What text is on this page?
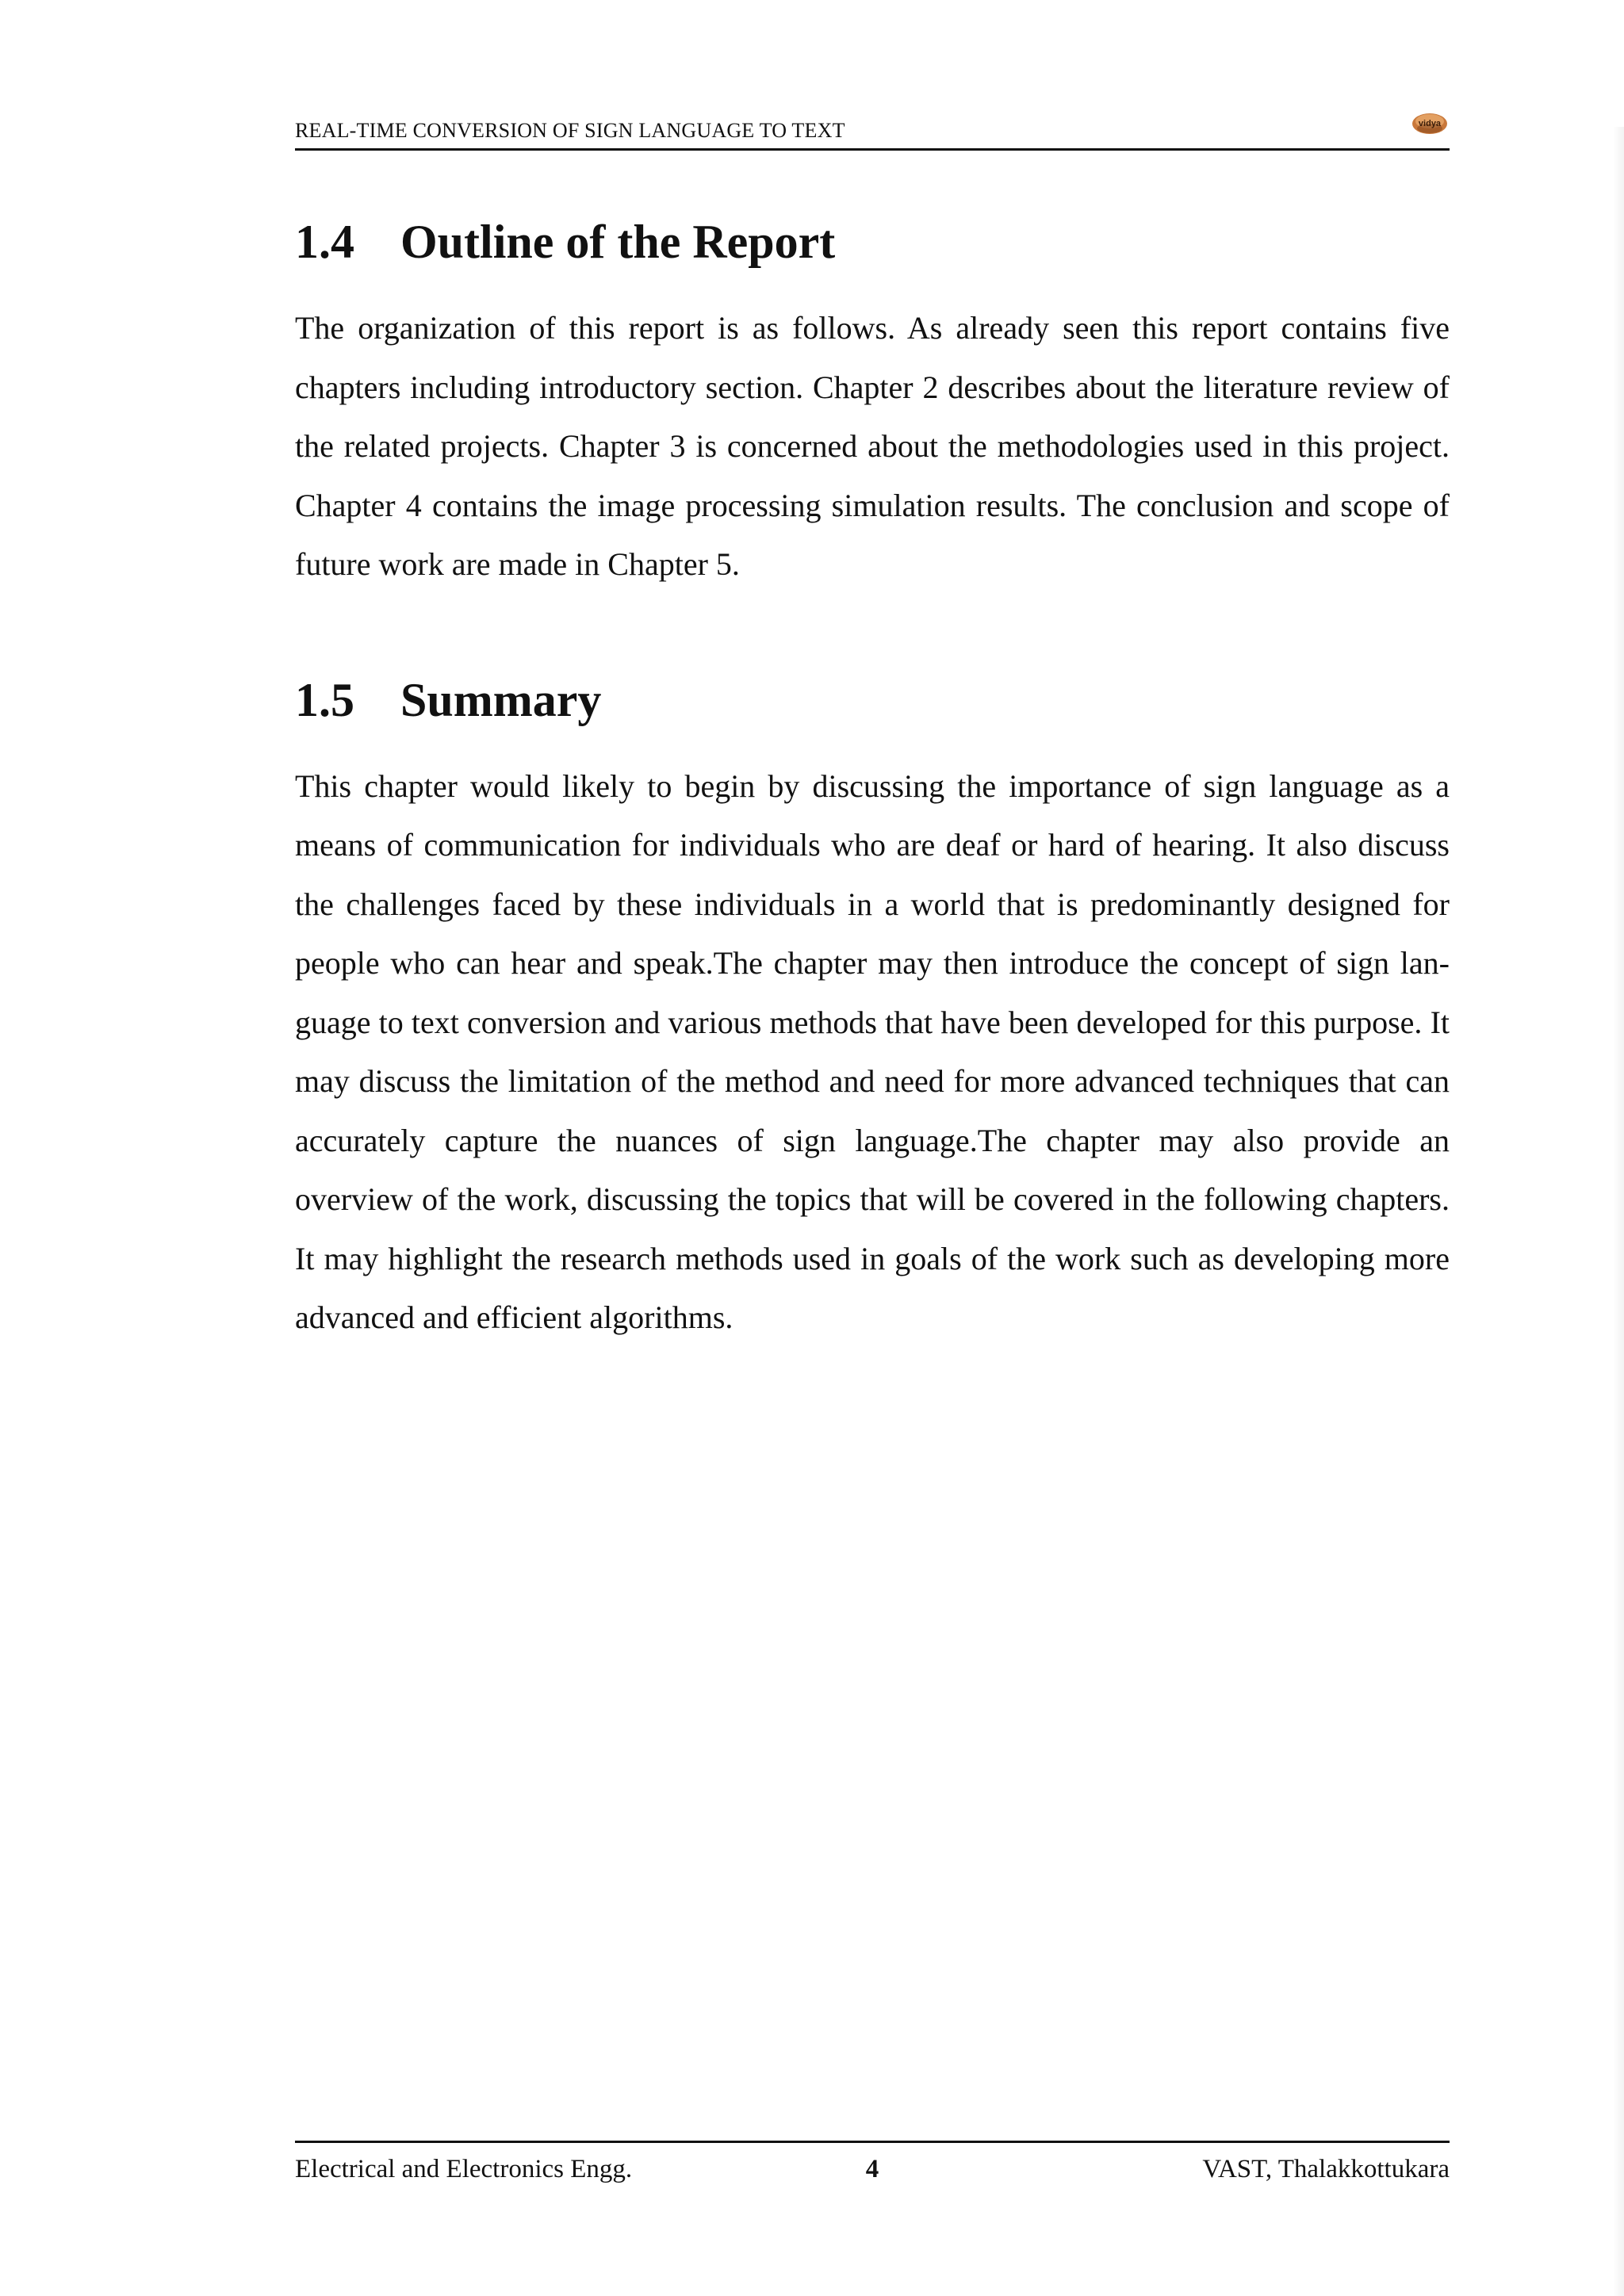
REAL-TIME CONVERSION OF SIGN LANGUAGE TO TEXT	vidya
1.4 Outline of the Report

The organization of this report is as follows. As already seen this report contains five chapters including introductory section. Chapter 2 describes about the literature review of the related projects. Chapter 3 is concerned about the methodologies used in this project. Chapter 4 contains the image processing simulation results. The conclusion and scope of future work are made in Chapter 5.

1.5 Summary

This chapter would likely to begin by discussing the importance of sign language as a means of communication for individuals who are deaf or hard of hearing. It also discuss the challenges faced by these individuals in a world that is predominantly designed for people who can hear and speak.The chapter may then introduce the concept of sign language to text conversion and various methods that have been developed for this purpose. It may discuss the limitation of the method and need for more advanced techniques that can accurately capture the nuances of sign language.The chapter may also provide an overview of the work, discussing the topics that will be covered in the following chapters. It may highlight the research methods used in goals of the work such as developing more advanced and efficient algorithms.

Electrical and Electronics Engg.	4	VAST, Thalakkottukara
